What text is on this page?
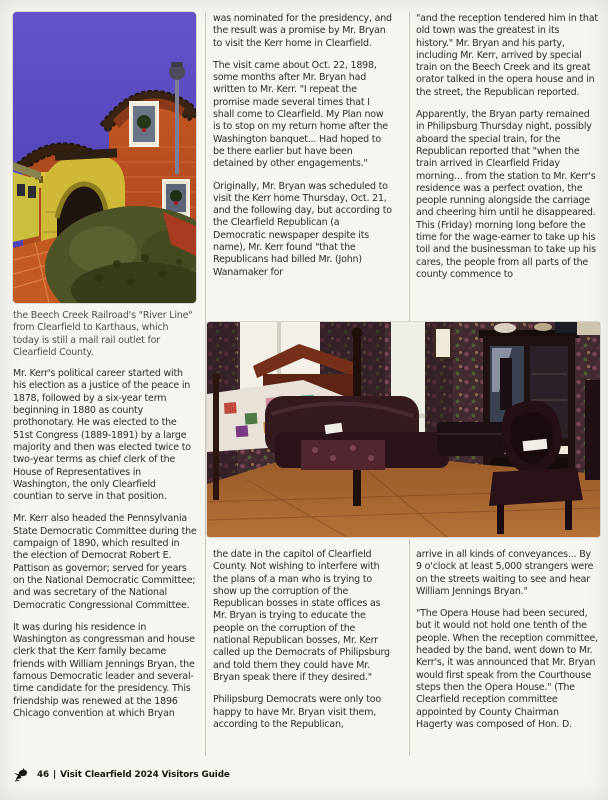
the Beech Creek Railroad's "River Line" from Clearfield to Karthaus, which today is still a mail rail outlet for Clearfield County.

Mr. Kerr's political career started with his election as a justice of the peace in 1878, followed by a six-year term beginning in 1880 as county prothonotary. He was elected to the 51st Congress (1889-1891) by a large majority and then was elected twice to two-year terms as chief clerk of the House of Representatives in Washington, the only Clearfield countian to serve in that position.

Mr. Kerr also headed the Pennsylvania State Democratic Committee during the campaign of 1890, which resulted in the election of Democrat Robert E. Pattison as governor; served for years on the National Democratic Committee; and was secretary of the National Democratic Congressional Committee.

It was during his residence in Washington as congressman and house clerk that the Kerr family became friends with William Jennings Bryan, the famous Democratic leader and several-time candidate for the presidency. This friendship was renewed at the 1896 Chicago convention at which Bryan

was nominated for the presidency, and the result was a promise by Mr. Bryan to visit the Kerr home in Clearfield.

The visit came about Oct. 22, 1898, some months after Mr. Bryan had written to Mr. Kerr. "I repeat the promise made several times that I shall come to Clearfield. My Plan now is to stop on my return home after the Washington banquet... Had hoped to be there earlier but have been detained by other engagements."

Originally, Mr. Bryan was scheduled to visit the Kerr home Thursday, Oct. 21, and the following day, but according to the Clearfield Republican (a Democratic newspaper despite its name), Mr. Kerr found "that the Republicans had billed Mr. (John) Wanamaker for

"and the reception tendered him in that old town was the greatest in its history." Mr. Bryan and his party, including Mr. Kerr, arrived by special train on the Beech Creek and its great orator talked in the opera house and in the street, the Republican reported.

Apparently, the Bryan party remained in Philipsburg Thursday night, possibly aboard the special train, for the Republican reported that "when the train arrived in Clearfield Friday morning... from the station to Mr. Kerr's residence was a perfect ovation, the people running alongside the carriage and cheering him until he disappeared. This (Friday) morning long before the time for the wage-earner to take up his toil and the businessman to take up his cares, the people from all parts of the county commence to

the date in the capitol of Clearfield County. Not wishing to interfere with the plans of a man who is trying to show up the corruption of the Republican bosses in state offices as Mr. Bryan is trying to educate the people on the corruption of the national Republican bosses, Mr. Kerr called up the Democrats of Philipsburg and told them they could have Mr. Bryan speak there if they desired."

Philipsburg Democrats were only too happy to have Mr. Bryan visit them, according to the Republican,

arrive in all kinds of conveyances... By 9 o'clock at least 5,000 strangers were on the streets waiting to see and hear William Jennings Bryan."

"The Opera House had been secured, but it would not hold one tenth of the people. When the reception committee, headed by the band, went down to Mr. Kerr's, it was announced that Mr. Bryan would first speak from the Courthouse steps then the Opera House." (The Clearfield reception committee appointed by County Chairman Hagerty was composed of Hon. D.

46 | Visit Clearfield 2024 Visitors Guide
